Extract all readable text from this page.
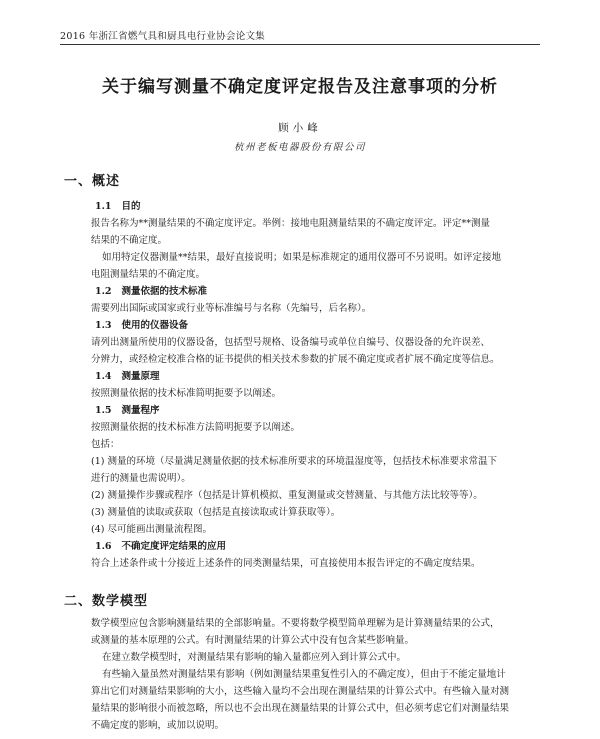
2016 年浙江省燃气具和厨具电行业协会论文集
关于编写测量不确定度评定报告及注意事项的分析
顾小峰
杭州老板电器股份有限公司
一、概述
1.1 目的
报告名称为**测量结果的不确定度评定。举例：接地电阻测量结果的不确定度评定。评定**测量
结果的不确定度。
如用特定仪器测量**结果，最好直接说明；如果是标准规定的通用仪器可不另说明。如评定接地
电阻测量结果的不确定度。
1.2 测量依据的技术标准
需要列出国际或国家或行业等标准编号与名称（先编号，后名称）。
1.3 使用的仪器设备
请列出测量所使用的仪器设备，包括型号规格、设备编号或单位自编号、仪器设备的允许误差、
分辨力，或经检定校准合格的证书提供的相关技术参数的扩展不确定度或者扩展不确定度等信息。
1.4 测量原理
按照测量依据的技术标准简明扼要予以阐述。
1.5 测量程序
按照测量依据的技术标准方法简明扼要予以阐述。
包括：
(1) 测量的环境（尽量满足测量依据的技术标准所要求的环境温湿度等，包括技术标准要求常温下
进行的测量也需说明）。
(2) 测量操作步骤或程序（包括是计算机模拟、重复测量或交替测量、与其他方法比较等等）。
(3) 测量值的读取或获取（包括是直接读取或计算获取等）。
(4) 尽可能画出测量流程图。
1.6 不确定度评定结果的应用
符合上述条件或十分接近上述条件的同类测量结果，可直接使用本报告评定的不确定度结果。
二、数学模型
数学模型应包含影响测量结果的全部影响量。不要将数学模型简单理解为是计算测量结果的公式，
或测量的基本原理的公式。有时测量结果的计算公式中没有包含某些影响量。
在建立数学模型时，对测量结果有影响的输入量都应列入到计算公式中。
有些输入量虽然对测量结果有影响（例如测量结果重复性引入的不确定度），但由于不能定量地计
算出它们对测量结果影响的大小，这些输入量均不会出现在测量结果的计算公式中。有些输入量对测
量结果的影响很小而被忽略，所以也不会出现在测量结果的计算公式中，但必须考虑它们对测量结果
不确定度的影响，或加以说明。
